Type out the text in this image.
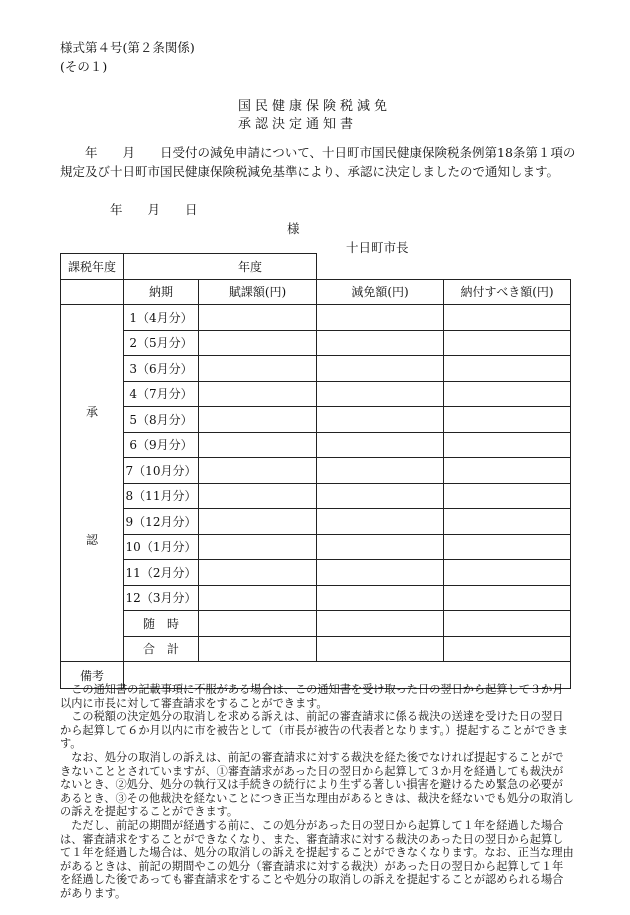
様式第４号(第２条関係)
(その１)
国民健康保険税減免
承認決定通知書
　　年　　月　　日受付の減免申請について、十日町市国民健康保険税条例第18条第１項の
規定及び十日町市国民健康保険税減免基準により、承認に決定しましたので通知します。
年　　月　　日
様
十日町市長
課税年度	年度			
	納期	賦課額(円)	減免額(円)	納付すべき額(円)

承
認	1（4月分）			
	2（5月分）			
	3（6月分）			
	4（7月分）			
	5（8月分）			
	6（9月分）			
	7（10月分）			
	8（11月分）			
	9（12月分）			
	10（1月分）			
	11（2月分）			
	12（3月分）			
	随　時			
	合　計			
備考				

この通知書の記載事項に不服がある場合は、この通知書を受け取った日の翌日から起算して３か月以内に市長に対して審査請求をすることができます。

この税額の決定処分の取消しを求める訴えは、前記の審査請求に係る裁決の送達を受けた日の翌日から起算して６か月以内に市を被告として（市長が被告の代表者となります。）提起することができます。

なお、処分の取消しの訴えは、前記の審査請求に対する裁決を経た後でなければ提起することができないこととされていますが、①審査請求があった日の翌日から起算して３か月を経過しても裁決がないとき、②処分、処分の執行又は手続きの続行により生ずる著しい損害を避けるため緊急の必要があるとき、③その他裁決を経ないことにつき正当な理由があるときは、裁決を経ないでも処分の取消しの訴えを提起することができます。

ただし、前記の期間が経過する前に、この処分があった日の翌日から起算して１年を経過した場合は、審査請求をすることができなくなり、また、審査請求に対する裁決のあった日の翌日から起算して１年を経過した場合は、処分の取消しの訴えを提起することができなくなります。なお、正当な理由があるときは、前記の期間やこの処分（審査請求に対する裁決）があった日の翌日から起算して１年を経過した後であっても審査請求をすることや処分の取消しの訴えを提起することが認められる場合があります。
